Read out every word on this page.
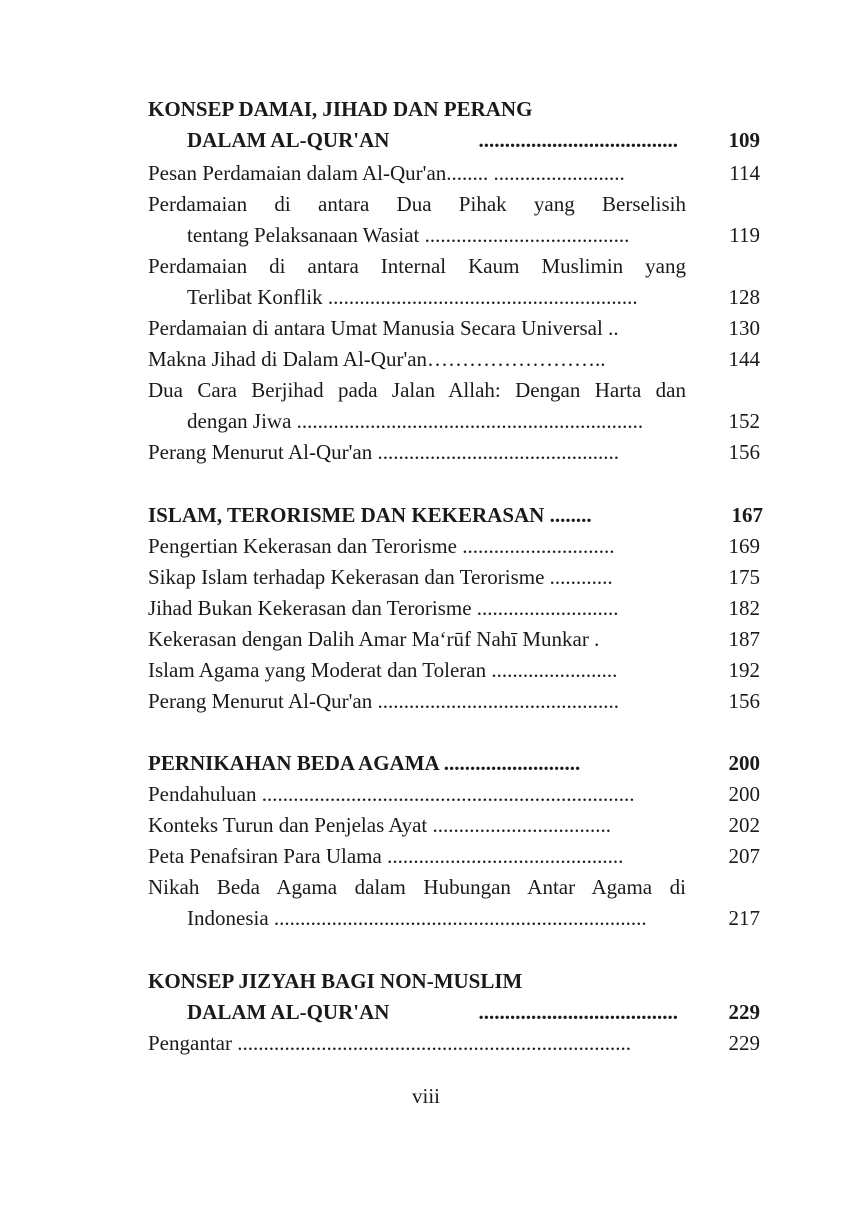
KONSEP DAMAI, JIHAD DAN PERANG
DALAM AL-QUR'AN	......................................	109
Pesan Perdamaian dalam Al-Qur'an........ .........................	114
Perdamaian di antara Dua Pihak yang Berselisih
tentang Pelaksanaan Wasiat .......................................	119
Perdamaian di antara Internal Kaum Muslimin yang
Terlibat Konflik ...........................................................	128
Perdamaian di antara Umat Manusia Secara Universal ..	130
Makna Jihad di Dalam Al-Qur'an……………………..	144
Dua Cara Berjihad pada Jalan Allah: Dengan Harta dan
dengan Jiwa ..................................................................	152
Perang Menurut Al-Qur'an ..............................................	156
ISLAM, TERORISME DAN KEKERASAN ........	167
Pengertian Kekerasan dan Terorisme .............................	169
Sikap Islam terhadap Kekerasan dan Terorisme ............	175
Jihad Bukan Kekerasan dan Terorisme ...........................	182
Kekerasan dengan Dalih Amar Ma‘rūf Nahī Munkar .	187
Islam Agama yang Moderat dan Toleran ........................	192
Perang Menurut Al-Qur'an ..............................................	156
PERNIKAHAN BEDA AGAMA ..........................	200
Pendahuluan .......................................................................	200
Konteks Turun dan Penjelas Ayat ..................................	202
Peta Penafsiran Para Ulama .............................................	207
Nikah Beda Agama dalam Hubungan Antar Agama di
Indonesia .......................................................................	217
KONSEP JIZYAH BAGI NON-MUSLIM
DALAM AL-QUR'AN	......................................	229
Pengantar ...........................................................................	229
viii
